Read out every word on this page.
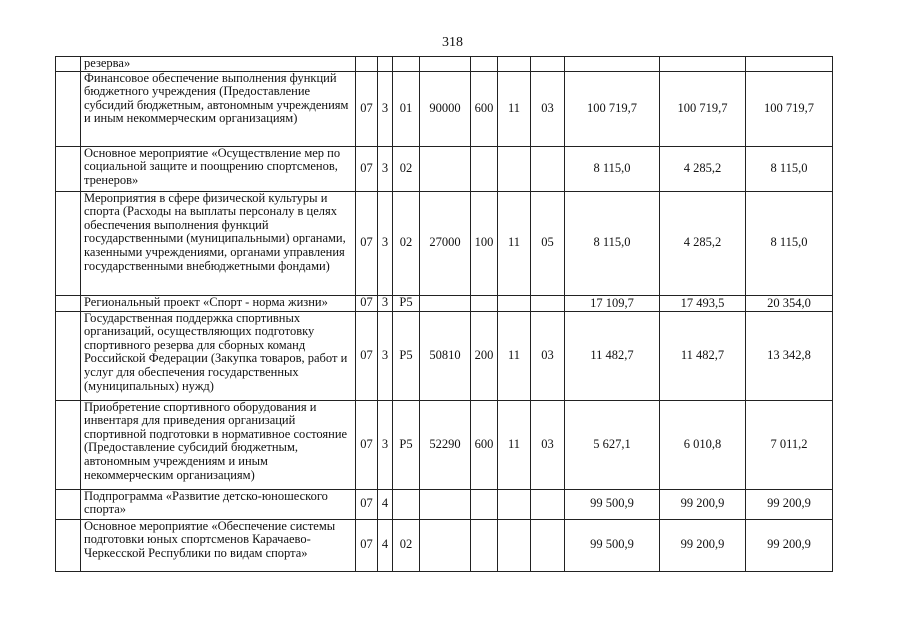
318
	резерва»										
	Финансовое обеспечение выполнения функций бюджетного учреждения (Предоставление субсидий бюджетным, автономным учреждениям и иным некоммерческим организациям)	07	3	01	90000	600	11	03	100 719,7	100 719,7	100 719,7
	Основное мероприятие «Осуществление мер по социальной защите и поощрению спортсменов, тренеров»	07	3	02					8 115,0	4 285,2	8 115,0
	Мероприятия в сфере физической культуры и спорта (Расходы на выплаты персоналу в целях обеспечения выполнения функций государственными (муниципальными) органами, казенными учреждениями, органами управления государственными внебюджетными фондами)	07	3	02	27000	100	11	05	8 115,0	4 285,2	8 115,0
	Региональный проект «Спорт - норма жизни»	07	3	P5					17 109,7	17 493,5	20 354,0
	Государственная поддержка спортивных организаций, осуществляющих подготовку спортивного резерва для сборных команд Российской Федерации (Закупка товаров, работ и услуг для обеспечения государственных (муниципальных) нужд)	07	3	P5	50810	200	11	03	11 482,7	11 482,7	13 342,8
	Приобретение спортивного оборудования и инвентаря для приведения организаций спортивной подготовки в нормативное состояние (Предоставление субсидий бюджетным, автономным учреждениям и иным некоммерческим организациям)	07	3	P5	52290	600	11	03	5 627,1	6 010,8	7 011,2
	Подпрограмма «Развитие детско-юношеского спорта»	07	4						99 500,9	99 200,9	99 200,9
	Основное мероприятие «Обеспечение системы подготовки юных спортсменов Карачаево-Черкесской Республики по видам спорта»	07	4	02					99 500,9	99 200,9	99 200,9
